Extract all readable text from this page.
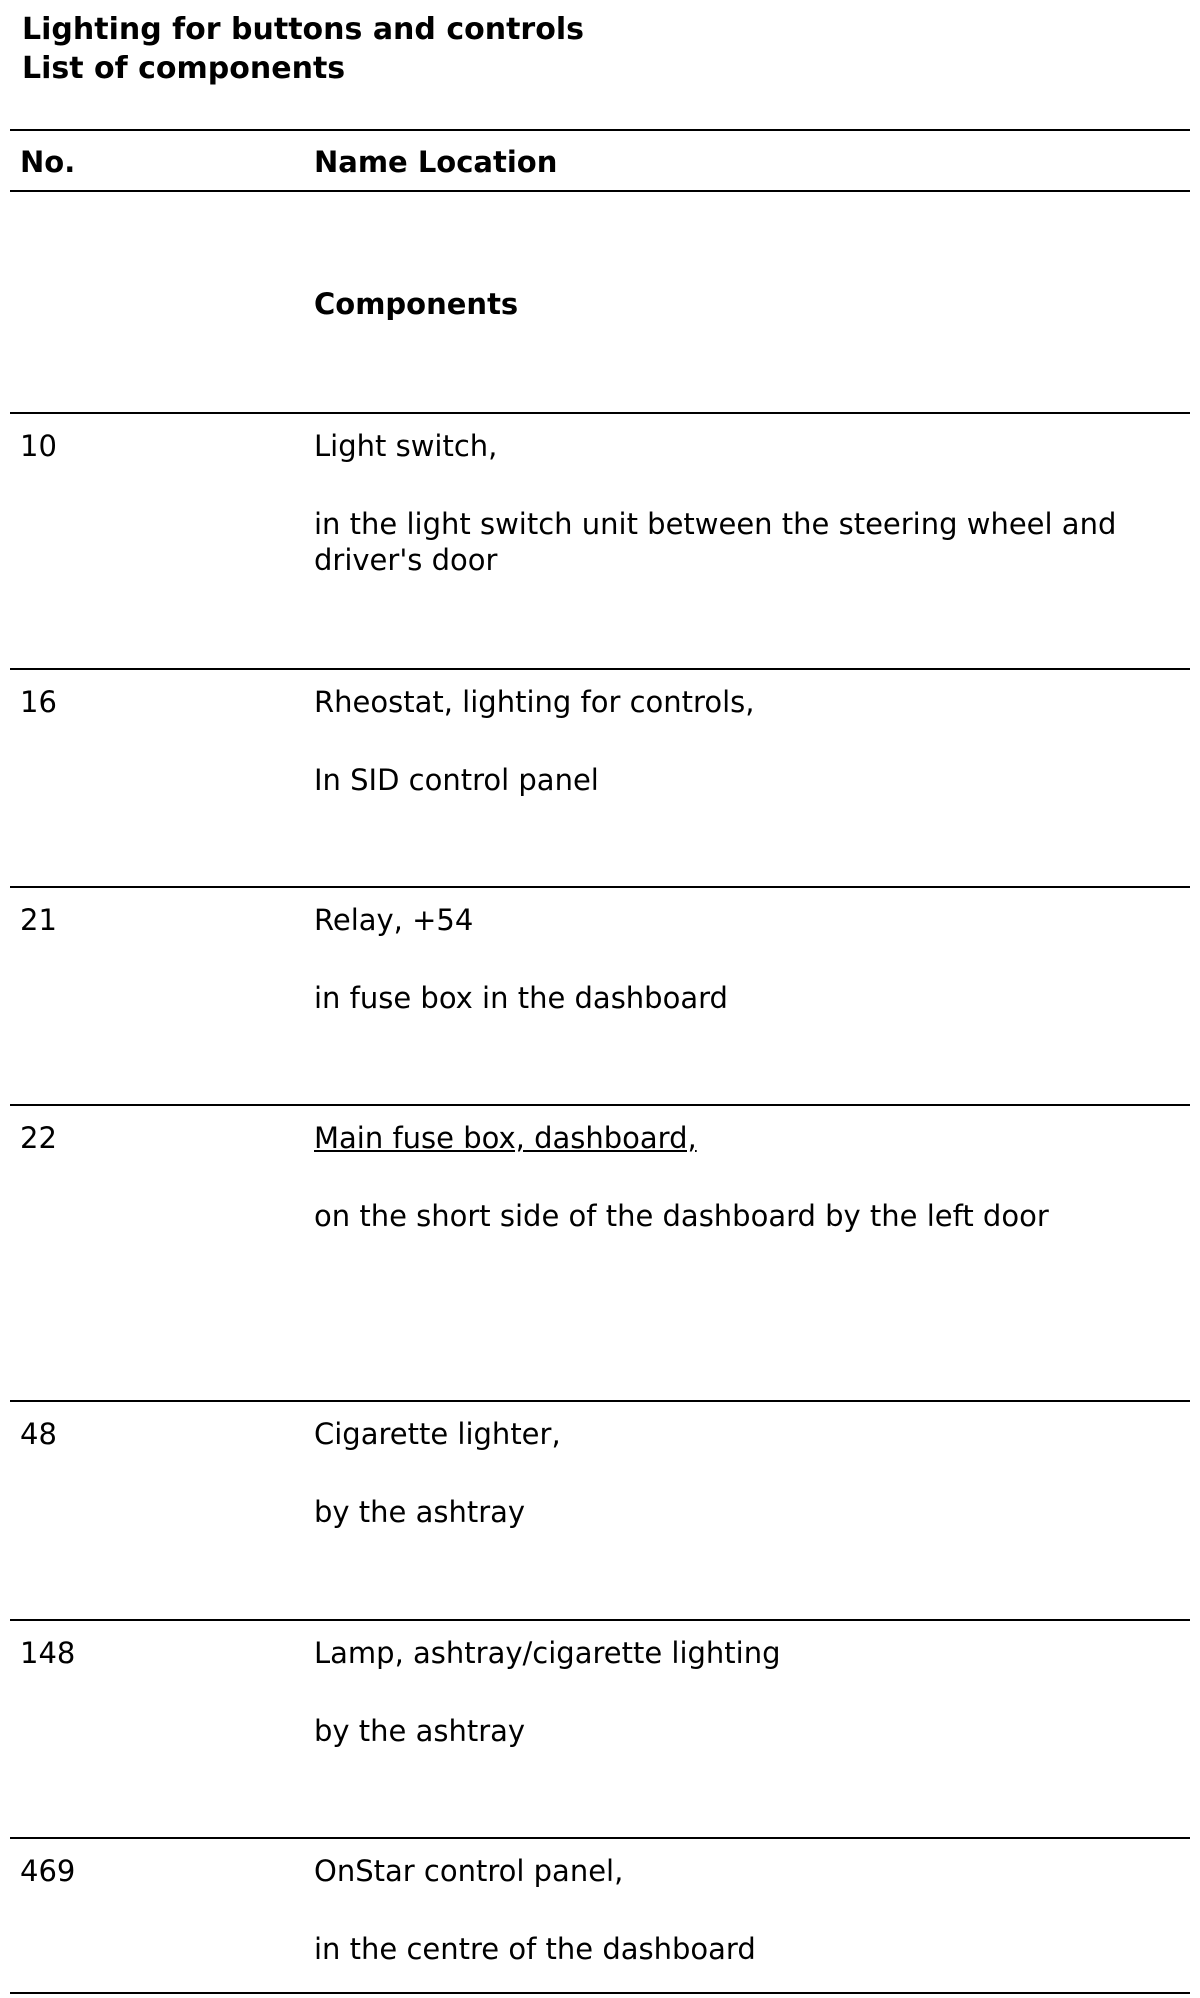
Lighting for buttons and controls
List of components
No.	Name Location
Components
10	Light switch,
in the light switch unit between the steering wheel and driver's door
16	Rheostat, lighting for controls,
In SID control panel
21	Relay, +54
in fuse box in the dashboard
22	Main fuse box, dashboard,
on the short side of the dashboard by the left door
48	Cigarette lighter,
by the ashtray
148	Lamp, ashtray/cigarette lighting
by the ashtray
469	OnStar control panel,
in the centre of the dashboard
